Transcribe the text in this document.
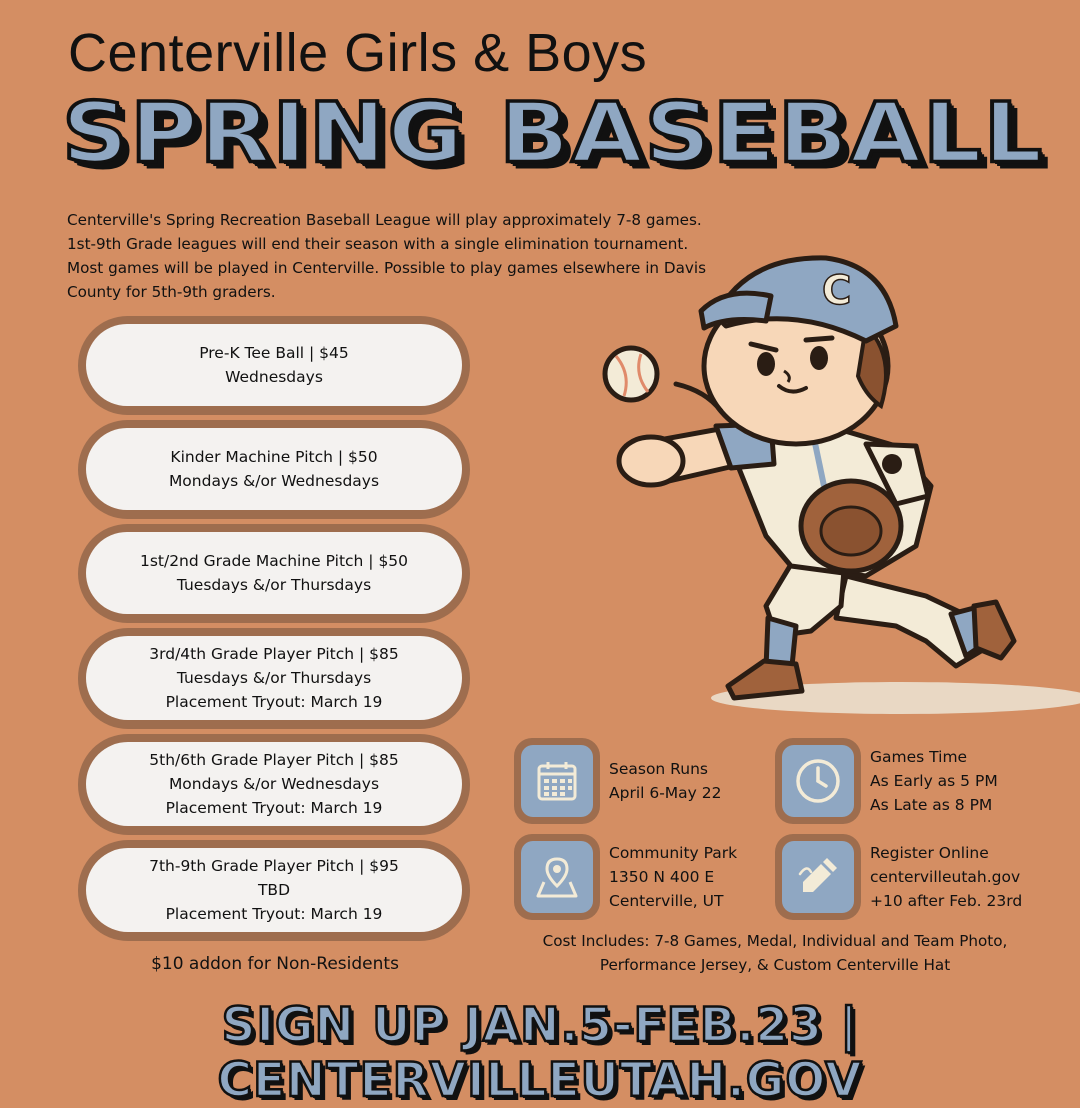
Centerville Girls & Boys
SPRING BASEBALL

Centerville's Spring Recreation Baseball League will play approximately 7-8 games. 1st-9th Grade leagues will end their season with a single elimination tournament. Most games will be played in Centerville. Possible to play games elsewhere in Davis County for 5th-9th graders.

Pre-K Tee Ball | $45
Wednesdays
Kinder Machine Pitch | $50
Mondays &/or Wednesdays
1st/2nd Grade Machine Pitch | $50
Tuesdays &/or Thursdays
3rd/4th Grade Player Pitch | $85
Tuesdays &/or Thursdays
Placement Tryout: March 19
5th/6th Grade Player Pitch | $85
Mondays &/or Wednesdays
Placement Tryout: March 19
7th-9th Grade Player Pitch | $95
TBD
Placement Tryout: March 19
$10 addon for Non-Residents
C
Season Runs
April 6-May 22
Games Time
As Early as 5 PM
As Late as 8 PM
Community Park
1350 N 400 E
Centerville, UT
Register Online
centervilleutah.gov
+10 after Feb. 23rd
Cost Includes: 7-8 Games, Medal, Individual and Team Photo,
Performance Jersey, & Custom Centerville Hat
SIGN UP JAN.5-FEB.23 | CENTERVILLEUTAH.GOV
